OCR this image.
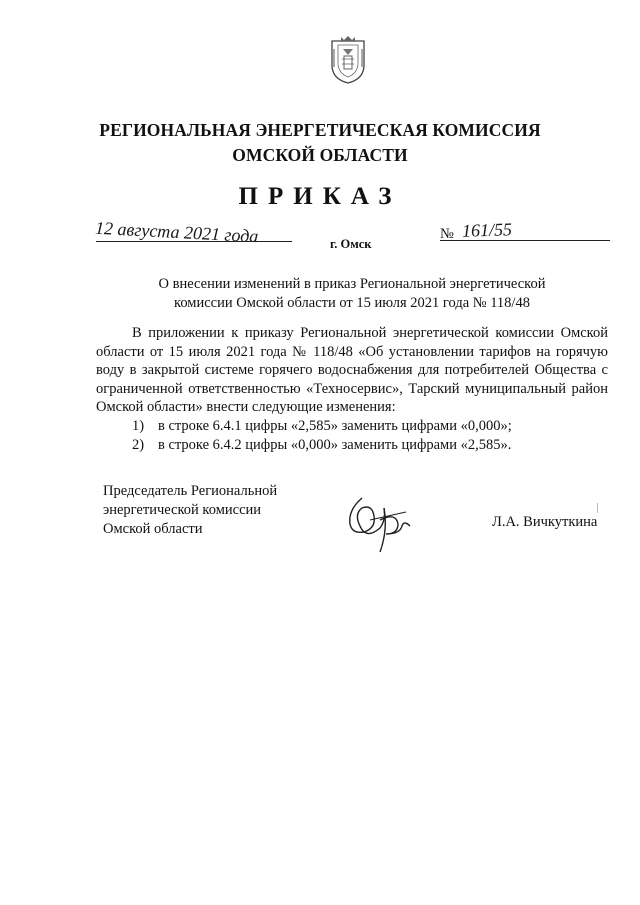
РЕГИОНАЛЬНАЯ ЭНЕРГЕТИЧЕСКАЯ КОМИССИЯ
ОМСКОЙ ОБЛАСТИ
ПРИКАЗ
12 августа 2021 года	г. Омск
№ 161/55
О внесении изменений в приказ Региональной энергетической
комиссии Омской области от 15 июля 2021 года № 118/48
В приложении к приказу Региональной энергетической комиссии Омской области от 15 июля 2021 года № 118/48 «Об установлении тарифов на горячую воду в закрытой системе горячего водоснабжения для потребителей Общества с ограниченной ответственностью «Техносервис», Тарский муниципальный район Омской области» внести следующие изменения:
1) в строке 6.4.1 цифры «2,585» заменить цифрами «0,000»;
2) в строке 6.4.2 цифры «0,000» заменить цифрами «2,585».
Председатель Региональной
энергетической комиссии
Омской области	Л.А. Вичкуткина
